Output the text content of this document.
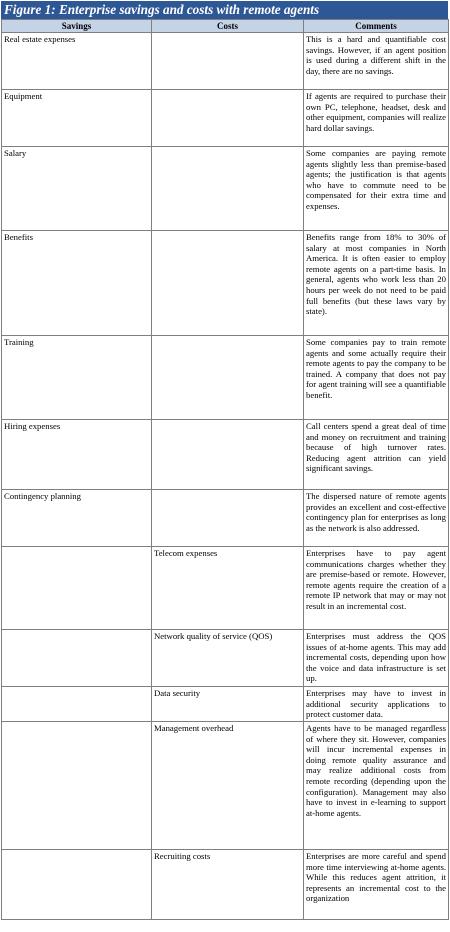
Figure 1: Enterprise savings and costs with remote agents
Savings	Costs	Comments
Real estate expenses		This is a hard and quantifiable cost savings. However, if an agent position is used during a different shift in the day, there are no savings.
Equipment		If agents are required to purchase their own PC, telephone, headset, desk and other equipment, companies will realize hard dollar savings.
Salary		Some companies are paying remote agents slightly less than premise-based agents; the justification is that agents who have to commute need to be compensated for their extra time and expenses.
Benefits		Benefits range from 18% to 30% of salary at most companies in North America. It is often easier to employ remote agents on a part-time basis. In general, agents who work less than 20 hours per week do not need to be paid full benefits (but these laws vary by state).
Training		Some companies pay to train remote agents and some actually require their remote agents to pay the company to be trained. A company that does not pay for agent training will see a quantifiable benefit.
Hiring expenses		Call centers spend a great deal of time and money on recruitment and training because of high turnover rates. Reducing agent attrition can yield significant savings.
Contingency planning		The dispersed nature of remote agents provides an excellent and cost-effective contingency plan for enterprises as long as the network is also addressed.
	Telecom expenses	Enterprises have to pay agent communications charges whether they are premise-based or remote. However, remote agents require the creation of a remote IP network that may or may not result in an incremental cost.
	Network quality of service (QOS)	Enterprises must address the QOS issues of at-home agents. This may add incremental costs, depending upon how the voice and data infrastructure is set up.
	Data security	Enterprises may have to invest in additional security applications to protect customer data.
	Management overhead	Agents have to be managed regardless of where they sit. However, companies will incur incremental expenses in doing remote quality assurance and may realize additional costs from remote recording (depending upon the configuration). Management may also have to invest in e-learning to support at-home agents.
	Recruiting costs	Enterprises are more careful and spend more time interviewing at-home agents. While this reduces agent attrition, it represents an incremental cost to the organization
